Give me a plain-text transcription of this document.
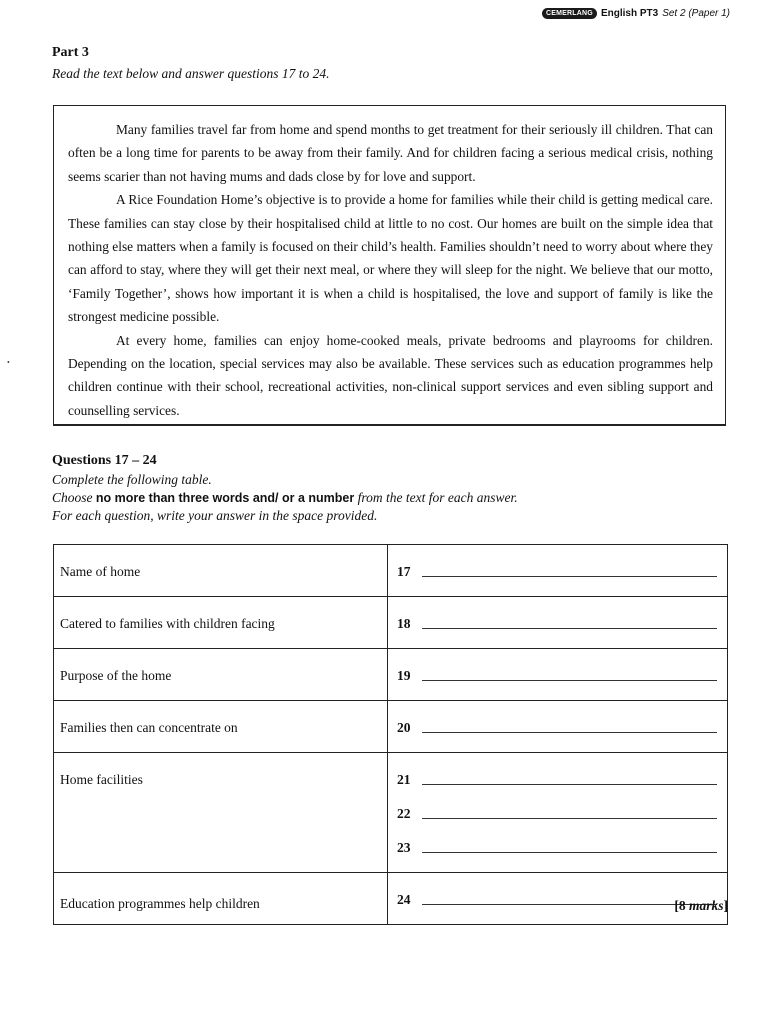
CEMERLANG English PT3 Set 2 (Paper 1)
Part 3
Read the text below and answer questions 17 to 24.
•

Many families travel far from home and spend months to get treatment for their seriously ill children. That can often be a long time for parents to be away from their family. And for children facing a serious medical crisis, nothing seems scarier than not having mums and dads close by for love and support.

A Rice Foundation Home’s objective is to provide a home for families while their child is getting medical care. These families can stay close by their hospitalised child at little to no cost. Our homes are built on the simple idea that nothing else matters when a family is focused on their child’s health. Families shouldn’t need to worry about where they can afford to stay, where they will get their next meal, or where they will sleep for the night. We believe that our motto, ‘Family Together’, shows how important it is when a child is hospitalised, the love and support of family is like the strongest medicine possible.

At every home, families can enjoy home-cooked meals, private bedrooms and playrooms for children. Depending on the location, special services may also be available. These services such as education programmes help children continue with their school, recreational activities, non-clinical support services and even sibling support and counselling services.

Questions 17 – 24
Complete the following table.
Choose no more than three words and/ or a number from the text for each answer.
For each question, write your answer in the space provided.
Name of home	17

Catered to families with children facing	18

Purpose of the home	19

Families then can concentrate on	20

Home facilities	21
22
23

Education programmes help children	24	[8 marks]
